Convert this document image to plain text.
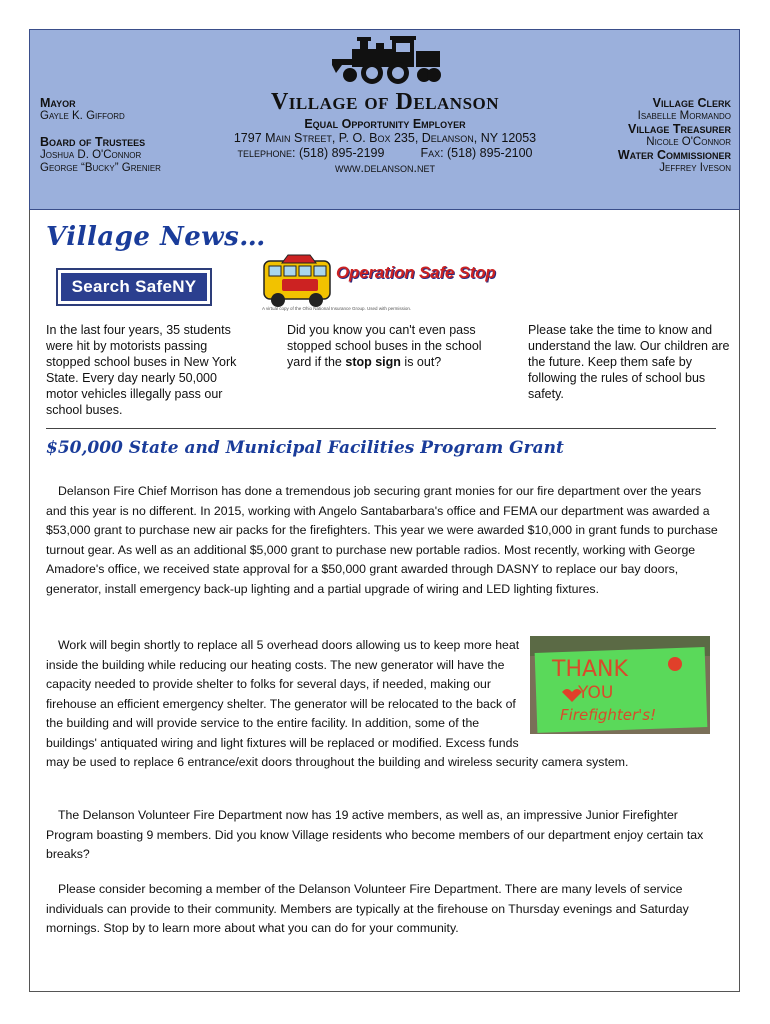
Mayor
Gayle K. Gifford
Board of Trustees
Joshua D. O'Connor
George “Bucky” Grenier
Village of Delanson
Equal Opportunity Employer
1797 Main Street, P. O. Box 235, Delanson, NY 12053
telephone: (518) 895-2199	Fax: (518) 895-2100
www.delanson.net
Village Clerk
Isabelle Mormando
Village Treasurer
Nicole O'Connor
Water Commissioner
Jeffrey Iveson
Village News…
Search SafeNY
Operation Safe Stop
A virtual copy of the Ohio National Insurance Group. Used with permission.
In the last four years, 35 students were hit by motorists passing stopped school buses in New York State. Every day nearly 50,000 motor vehicles illegally pass our school buses.
Did you know you can't even pass stopped school buses in the school yard if the stop sign is out?
Please take the time to know and understand the law. Our children are the future. Keep them safe by following the rules of school bus safety.
$50,000 State and Municipal Facilities Program Grant
Delanson Fire Chief Morrison has done a tremendous job securing grant monies for our fire department over the years and this year is no different. In 2015, working with Angelo Santabarbara's office and FEMA our department was awarded a $53,000 grant to purchase new air packs for the firefighters. This year we were awarded $10,000 in grant funds to purchase turnout gear. As well as an additional $5,000 grant to purchase new portable radios. Most recently, working with George Amadore's office, we received state approval for a $50,000 grant awarded through DASNY to replace our bay doors, generator, install emergency back-up lighting and a partial upgrade of wiring and LED lighting fixtures.
THANK
YOU
Firefighter's!
Work will begin shortly to replace all 5 overhead doors allowing us to keep more heat inside the building while reducing our heating costs. The new generator will have the capacity needed to provide shelter to folks for several days, if needed, making our firehouse an efficient emergency shelter. The generator will be relocated to the back of the building and will provide service to the entire facility. In addition, some of the buildings' antiquated wiring and light fixtures will be replaced or modified. Excess funds may be used to replace 6 entrance/exit doors throughout the building and wireless security camera system.
The Delanson Volunteer Fire Department now has 19 active members, as well as, an impressive Junior Firefighter Program boasting 9 members. Did you know Village residents who become members of our department enjoy certain tax breaks?
Please consider becoming a member of the Delanson Volunteer Fire Department. There are many levels of service individuals can provide to their community. Members are typically at the firehouse on Thursday evenings and Saturday mornings. Stop by to learn more about what you can do for your community.
